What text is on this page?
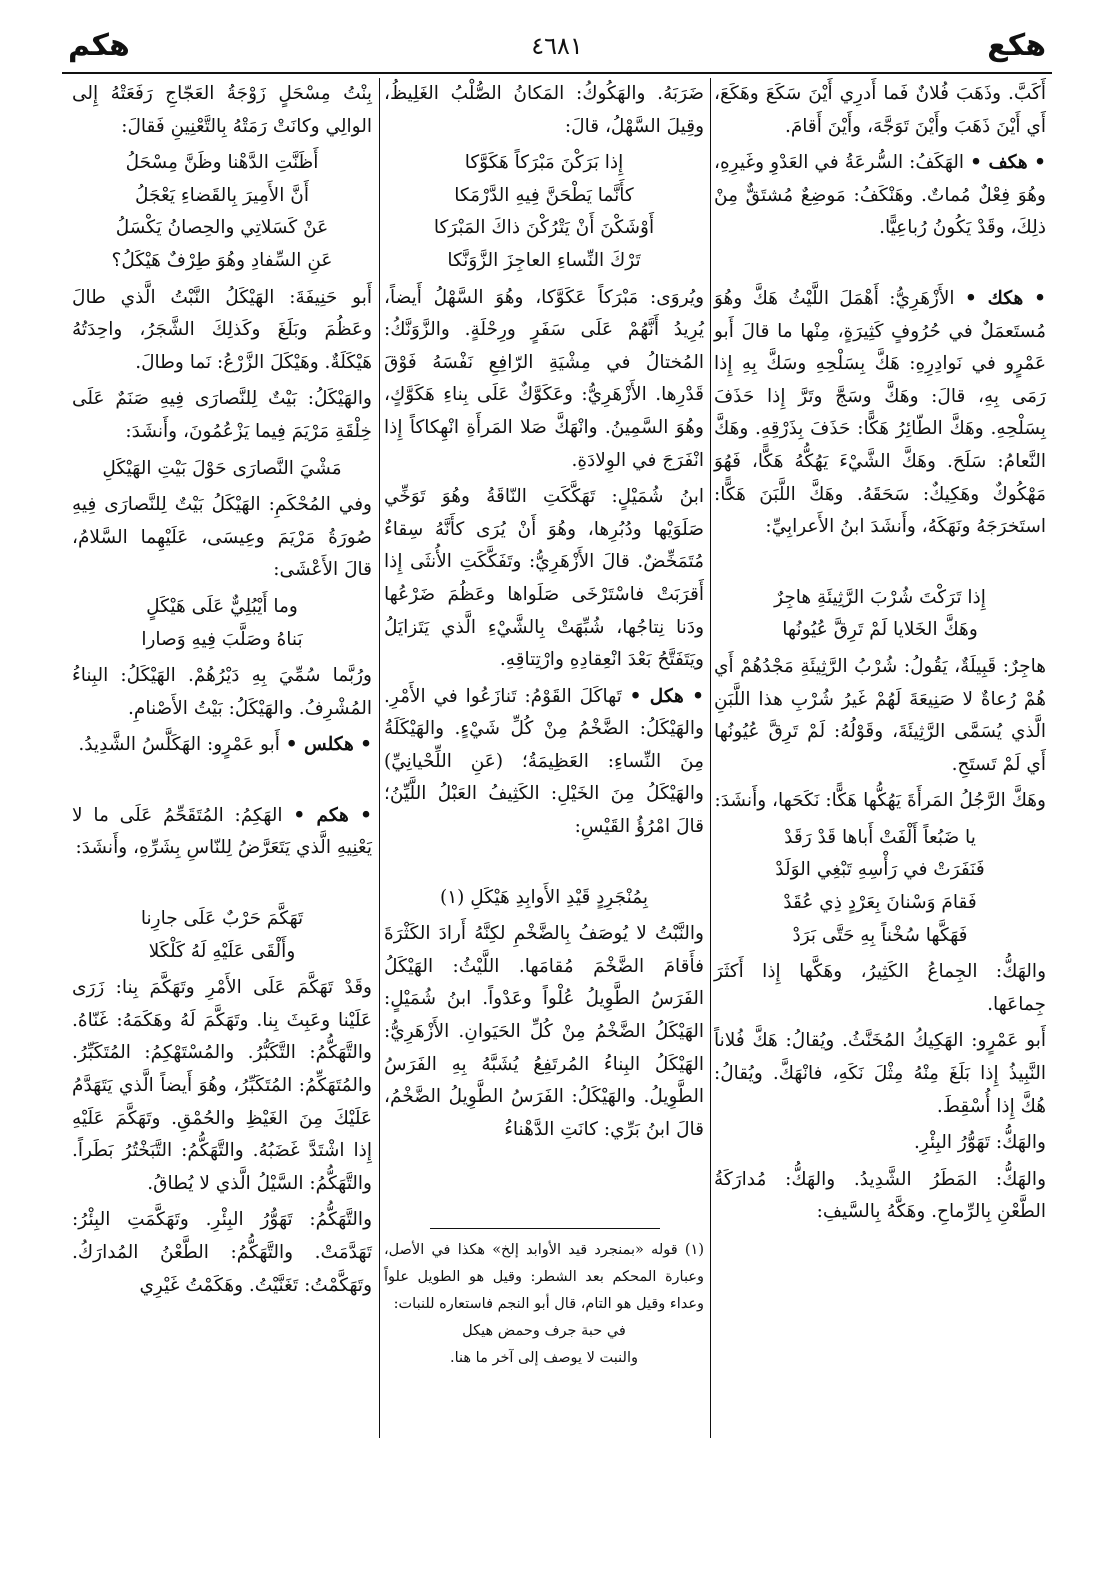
هكع
٤٦٨١
هكم

أَكَبَّ. وذَهَبَ فُلانٌ فَما أَدرِي أَيْنَ سَكَعَ وهَكَعَ، أَي أَيْنَ ذَهَبَ وأَيْنَ تَوَجَّهَ، وأَيْنَ أَقامَ.

• هكف • الهَكَفُ: السُّرعَةُ في العَدْوِ وغَيرِهِ، وهُوَ فِعْلٌ مُماتٌ. وهَنْكَفُ: مَوضِعٌ مُشتَقٌّ مِنْ ذلِكَ، وقَدْ يَكُونُ رُباعِيًّا.

• هكك • الأَزْهَرِيُّ: أَهْمَلَ اللَّيْثُ هَكَّ وهُوَ مُستَعمَلٌ في حُرُوفٍ كَثِيرَةٍ، مِنْها ما قالَ أَبو عَمْرٍو في نَوادِرِهِ: هَكَّ بِسَلْحِهِ وسَكَّ بِهِ إِذا رَمَى بِهِ، قالَ: وهَكَّ وسَجَّ وتَرَّ إِذا حَذَفَ بِسَلْحِهِ. وهَكَّ الطّائِرُ هَكًّا: حَذَفَ بِذَرْقِهِ. وهَكَّ النَّعامُ: سَلَحَ. وهَكَّ الشَّيْءَ يَهُكُّهُ هَكًّا، فَهُوَ مَهْكُوكٌ وهَكِيكٌ: سَحَقَهُ. وهَكَّ اللَّبَنَ هَكًّا: استَخرَجَهُ ونَهَكَهُ، وأَنشَدَ ابنُ الأَعرابِيِّ:

إِذا تَرَكْتَ شُرْبَ الرَّثِيئَةِ هاجِرٌ
وهَكَّ الخَلايا لَمْ تَرِقَّ عُيُونُها

هاجِرٌ: قَبِيلَةٌ، يَقُولُ: شُرْبُ الرَّثِيئَةِ مَجْدُهُمْ أَي هُمْ رُعاةٌ لا صَنِيعَةَ لَهُمْ غَيرُ شُرْبِ هذا اللَّبَنِ الَّذي يُسَمَّى الرَّثِيئَةَ، وقَوْلُهُ: لَمْ تَرِقَّ عُيُونُها أَي لَمْ تَستَحِ.

وهَكَّ الرَّجُلُ المَرأَةَ يَهُكُّها هَكًّا: نَكَحَها، وأَنشَدَ:

يا ضَبُعاً أَلْفَتْ أَباها قَدْ رَقَدْ
فَنَفَرَتْ في رَأْسِهِ تَبْغِي الوَلَدْ
فَقامَ وَسْنانَ بِعَرْدٍ ذِي عُقَدْ
فَهَكَّها سُخْناً بِهِ حَتَّى بَرَدْ

والهَكُّ: الجِماعُ الكَثِيرُ، وهَكَّها إِذا أَكثَرَ جِماعَها.

أَبو عَمْرٍو: الهَكِيكُ المُخَنَّثُ. ويُقالُ: هَكَّ فُلاناً النَّبِيذُ إِذا بَلَغَ مِنْهُ مِثْلَ نَكَهِ، فانْهَكَّ. ويُقالُ: هُكَّ إِذا أُسْقِطَ.

والهَكُّ: تَهَوُّرُ البِئْرِ.

والهَكُّ: المَطَرُ الشَّدِيدُ. والهَكُّ: مُدارَكَةُ الطَّعْنِ بِالرِّماحِ. وهَكَّهُ بِالسَّيفِ:

ضَرَبَهُ. والهَكُوكُ: المَكانُ الصُّلْبُ الغَلِيظُ، وقِيلَ السَّهْلُ، قالَ:

إِذا بَرَكْنَ مَبْرَكاً هَكَوَّكا
كأَنَّما يَطْحَنَّ فِيهِ الدَّرْمَكا
أَوْشَكْنَ أَنْ يَتْرُكْنَ ذاكَ المَبْرَكا
تَرْكَ النِّساءِ العاجِزَ الزَّوَنَّكا

ويُروَى: مَبْرَكاً عَكَوَّكا، وهُوَ السَّهْلُ أَيضاً، يُرِيدُ أَنَّهُمْ عَلَى سَفَرٍ ورِحْلَةٍ. والزَّوَنَّكُ: المُختالُ في مِشْيَةِ الرّافِعِ نَفْسَهُ فَوْقَ قَدْرِها. الأَزْهَرِيُّ: وعَكَوَّكٌ عَلَى بِناءِ هَكَوَّكٍ، وهُوَ السَّمِينُ. وانْهَكَّ صَلا المَرأَةِ انْهِكاكاً إِذا انْفَرَجَ في الوِلادَةِ.

ابنُ شُمَيْلٍ: تَهَكَّكَتِ النّاقَةُ وهُوَ تَوَخِّي صَلَوَيْها ودُبُرِها، وهُوَ أَنْ يُرَى كأَنَّهُ سِقاءٌ مُتَمَخِّضٌ. قالَ الأَزْهَرِيُّ: وتَفَكَّكَتِ الأُنثَى إِذا أَقرَبَتْ فاسْتَرْخَى صَلَواها وعَظُمَ ضَرْعُها ودَنا نِتاجُها، شُبِّهَتْ بِالشَّيْءِ الَّذي يَتَزايَلُ ويَتَفَتَّحُ بَعْدَ انْعِقادِهِ وارْتِتاقِهِ.

• هكل • تَهاكَلَ القَوْمُ: تَنازَعُوا في الأَمْرِ. والهَيْكَلُ: الضَّخْمُ مِنْ كُلِّ شَيْءٍ. والهَيْكَلَةُ مِنَ النِّساءِ: العَظِيمَةُ؛ (عَنِ اللِّحْيانِيِّ) والهَيْكَلُ مِنَ الخَيْلِ: الكَثِيفُ العَبْلُ اللَّيِّنُ؛ قالَ امْرُؤُ القَيْسِ:

بِمُنْجَرِدٍ قَيْدِ الأَوابِدِ هَيْكَلِ (١)

والنَّبْتُ لا يُوصَفُ بِالضَّخْمِ لكِنَّهُ أَرادَ الكَثْرَةَ فأَقامَ الضَّخْمَ مُقامَها. اللَّيْثُ: الهَيْكَلُ الفَرَسُ الطَّوِيلُ عُلْواً وعَدْواً. ابنُ شُمَيْلٍ: الهَيْكَلُ الضَّخْمُ مِنْ كُلِّ الحَيَوانِ. الأَزْهَرِيُّ: الهَيْكَلُ البِناءُ المُرتَفِعُ يُشَبَّهُ بِهِ الفَرَسُ الطَّوِيلُ. والهَيْكَلُ: الفَرَسُ الطَّوِيلُ الضَّخْمُ، قالَ ابنُ بَرِّي: كانَتِ الدَّهْناءُ

بِنْتُ مِسْحَلٍ زَوْجَةُ العَجّاجِ رَفَعَتْهُ إِلى الوالِي وكانَتْ رَمَتْهُ بِالتَّعْنِينِ فَقالَ:

أَظَنَّتِ الدَّهْنا وظَنَّ مِسْحَلُ
أَنَّ الأَمِيرَ بِالقَضاءِ يَعْجَلُ
عَنْ كَسَلاتِي والحِصانُ يَكْسَلُ
عَنِ السِّفادِ وهُوَ طِرْفٌ هَيْكَلُ؟

أَبو حَنِيفَةَ: الهَيْكَلُ النَّبْتُ الَّذي طالَ وعَظُمَ وبَلَغَ وكَذلِكَ الشَّجَرُ، واحِدَتُهُ هَيْكَلَةٌ. وهَيْكَلَ الزَّرْعُ: نَما وطالَ.

والهَيْكَلُ: بَيْتٌ لِلنَّصارَى فِيهِ صَنَمٌ عَلَى خِلْقَةِ مَرْيَمَ فِيما يَزْعُمُونَ، وأَنشَدَ:

مَشْيَ النَّصارَى حَوْلَ بَيْتِ الهَيْكَلِ

وفي المُحْكَمِ: الهَيْكَلُ بَيْتٌ لِلنَّصارَى فِيهِ صُورَةُ مَرْيَمَ وعِيسَى، عَلَيْهِما السَّلامُ، قالَ الأَعْشَى:

وما أَيْبُلِيٌّ عَلَى هَيْكَلٍ
بَناهُ وصَلَّبَ فِيهِ وَصارا

ورُبَّما سُمِّيَ بِهِ دَيْرُهُمْ. الهَيْكَلُ: البِناءُ المُشْرِفُ. والهَيْكَلُ: بَيْتُ الأَصْنامِ.

• هكلس • أَبو عَمْرٍو: الهَكَلَّسُ الشَّدِيدُ.

• هكم • الهَكِمُ: المُتَقَحِّمُ عَلَى ما لا يَعْنِيهِ الَّذي يَتَعَرَّضُ لِلنّاسِ بِشَرِّهِ، وأَنشَدَ:

تَهَكَّمَ حَرْبٌ عَلَى جارِنا
وأَلْقَى عَلَيْهِ لَهُ كَلْكَلا

وقَدْ تَهَكَّمَ عَلَى الأَمْرِ وتَهَكَّمَ بِنا: زَرَى عَلَيْنا وعَبِثَ بِنا. وتَهَكَّمَ لَهُ وهَكَمَهُ: غَنّاهُ. والتَّهَكُّمُ: التَّكَبُّرُ. والمُسْتَهْكِمُ: المُتَكَبِّرُ. والمُتَهَكِّمُ: المُتَكَبِّرُ، وهُوَ أَيضاً الَّذي يَتَهَدَّمُ عَلَيْكَ مِنَ الغَيْظِ والحُمْقِ. وتَهَكَّمَ عَلَيْهِ إِذا اشْتَدَّ غَضَبُهُ. والتَّهَكُّمُ: التَّبَخْتُرُ بَطَراً. والتَّهَكُّمُ: السَّيْلُ الَّذي لا يُطاقُ.

والتَّهَكُّمُ: تَهَوُّرُ البِئْرِ. وتَهَكَّمَتِ البِئْرُ: تَهَدَّمَتْ. والتَّهَكُّمُ: الطَّعْنُ المُدارَكُ. وتَهَكَّمْتُ: تَغَنَّيْتُ. وهَكَمْتُ غَيْرِي

(١) قوله «بمنجرد قيد الأوابد إلخ» هكذا في الأصل، وعبارة المحكم بعد الشطر: وقيل هو الطويل علواً وعداء وقيل هو التام، قال أبو النجم فاستعاره للنبات:

في حبة جرف وحمض هيكل

والنبت لا يوصف إلى آخر ما هنا.
